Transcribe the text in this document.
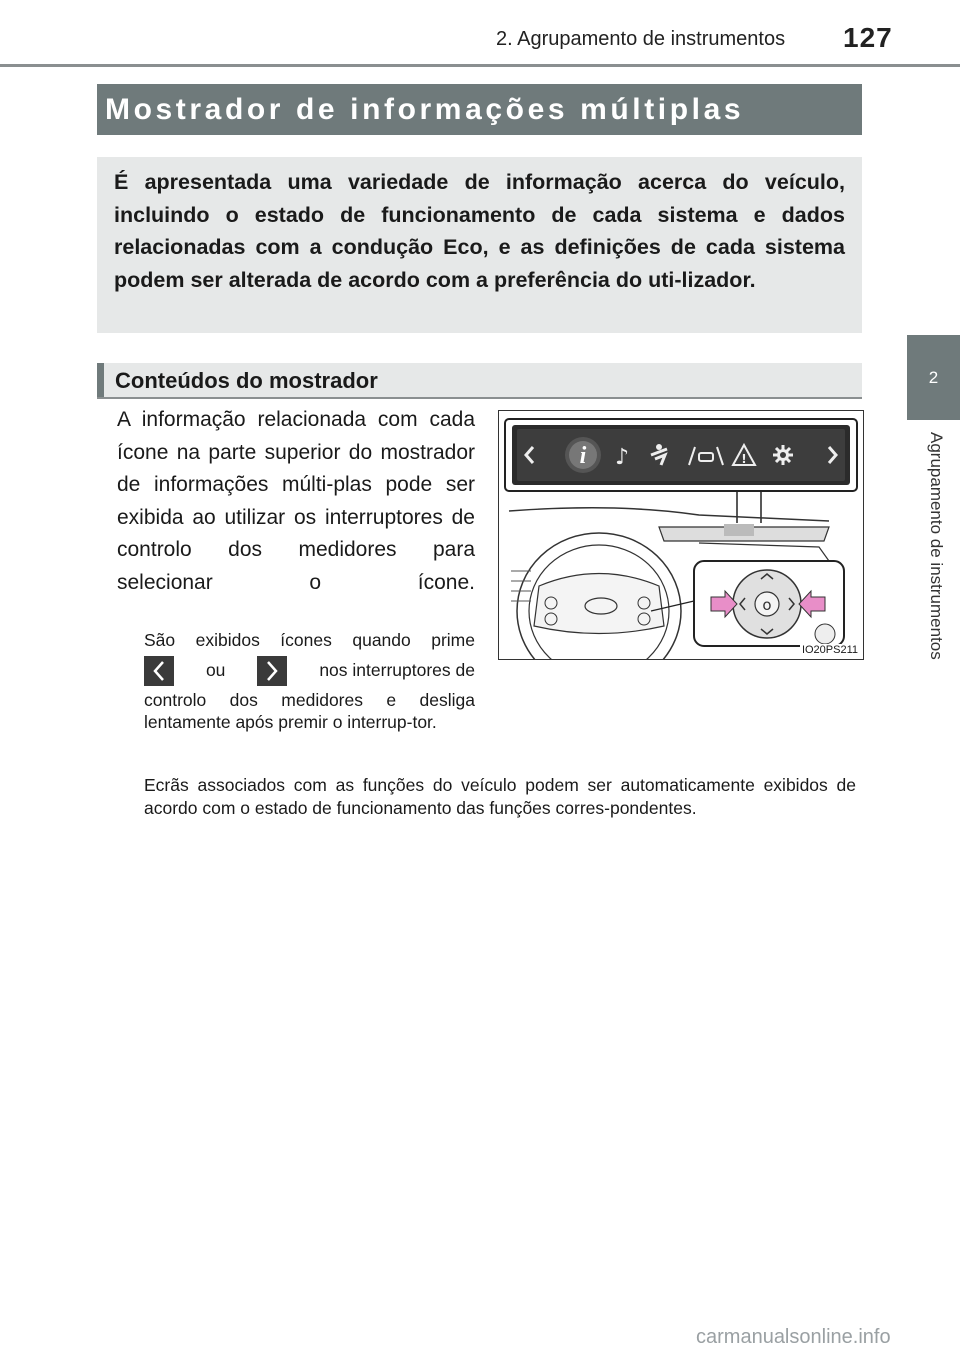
2. Agrupamento de instrumentos 127
Mostrador de informações múltiplas

É apresentada uma variedade de informação acerca do veículo, incluindo o estado de funcionamento de cada sistema e dados relacionadas com a condução Eco, e as definições de cada sistema podem ser alterada de acordo com a preferência do uti-lizador.

Conteúdos do mostrador

A informação relacionada com cada ícone na parte superior do mostrador de informações múlti-plas pode ser exibida ao utilizar os interruptores de controlo dos medidores para selecionar o ícone.

São exibidos ícones quando prime
ou	nos interruptores de
controlo dos medidores e desliga lentamente após premir o interrup-tor.

Ecrãs associados com as funções do veículo podem ser automaticamente exibidos de acordo com o estado de funcionamento das funções corres-pondentes.

i ♪	!
o
IO20PS211
2
Agrupamento de instrumentos
carmanualsonline.info
